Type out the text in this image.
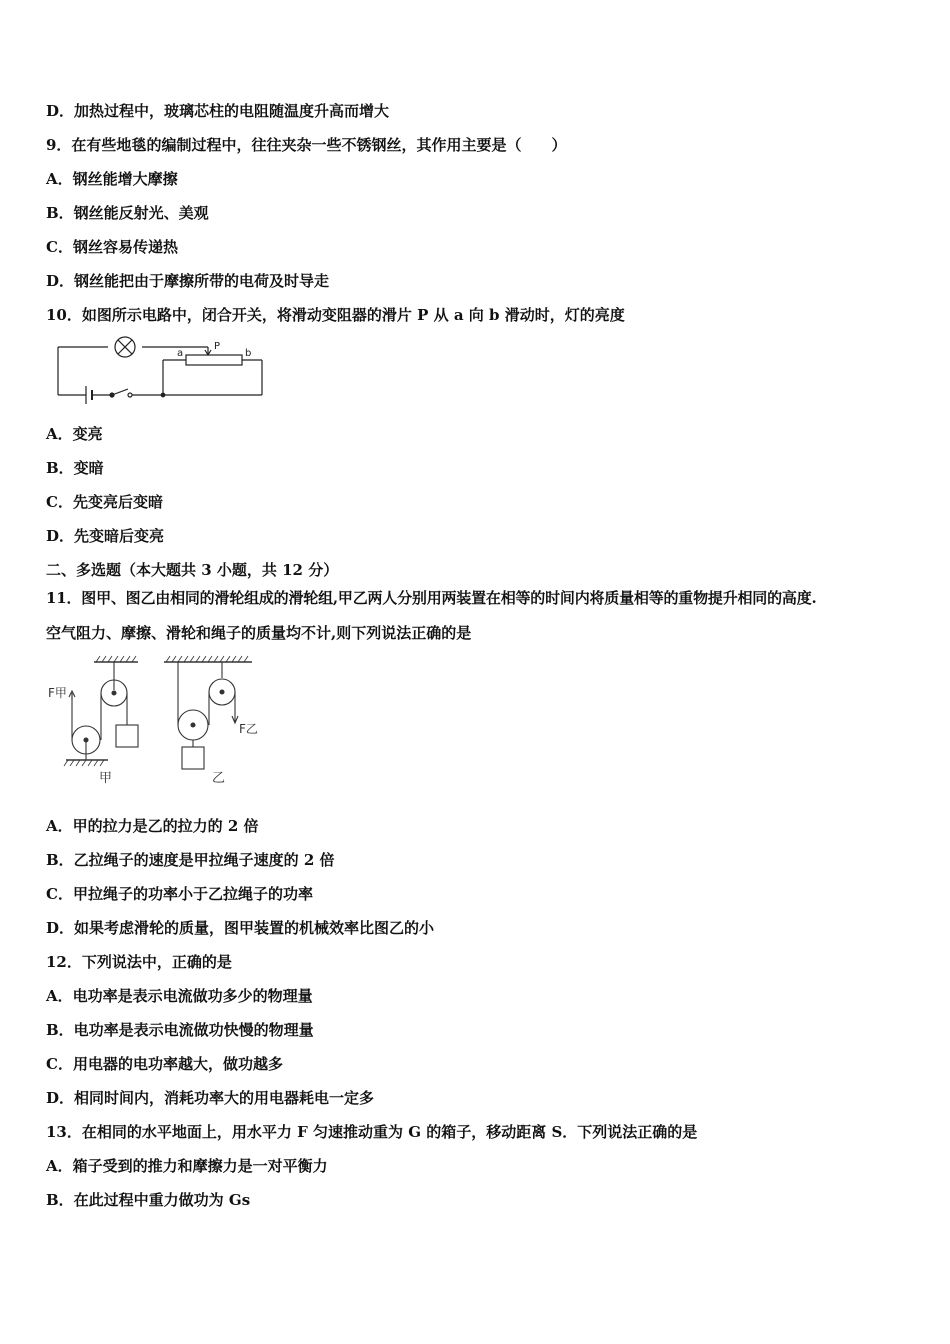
D．加热过程中，玻璃芯柱的电阻随温度升高而增大
9．在有些地毯的编制过程中，往往夹杂一些不锈钢丝，其作用主要是（　　）
A．钢丝能增大摩擦
B．钢丝能反射光、美观
C．钢丝容易传递热
D．钢丝能把由于摩擦所带的电荷及时导走
10．如图所示电路中，闭合开关，将滑动变阻器的滑片 P 从 a 向 b 滑动时，灯的亮度
a	b
P
A．变亮
B．变暗
C．先变亮后变暗
D．先变暗后变亮
二、多选题（本大题共 3 小题，共 12 分）
11．图甲、图乙由相同的滑轮组成的滑轮组,甲乙两人分别用两装置在相等的时间内将质量相等的重物提升相同的高度.
空气阻力、摩擦、滑轮和绳子的质量均不计,则下列说法正确的是
F甲
F乙
甲	乙
A．甲的拉力是乙的拉力的 2 倍
B．乙拉绳子的速度是甲拉绳子速度的 2 倍
C．甲拉绳子的功率小于乙拉绳子的功率
D．如果考虑滑轮的质量，图甲装置的机械效率比图乙的小
12．下列说法中，正确的是
A．电功率是表示电流做功多少的物理量
B．电功率是表示电流做功快慢的物理量
C．用电器的电功率越大，做功越多
D．相同时间内，消耗功率大的用电器耗电一定多
13．在相同的水平地面上，用水平力 F 匀速推动重为 G 的箱子，移动距离 S．下列说法正确的是
A．箱子受到的推力和摩擦力是一对平衡力
B．在此过程中重力做功为 Gs
